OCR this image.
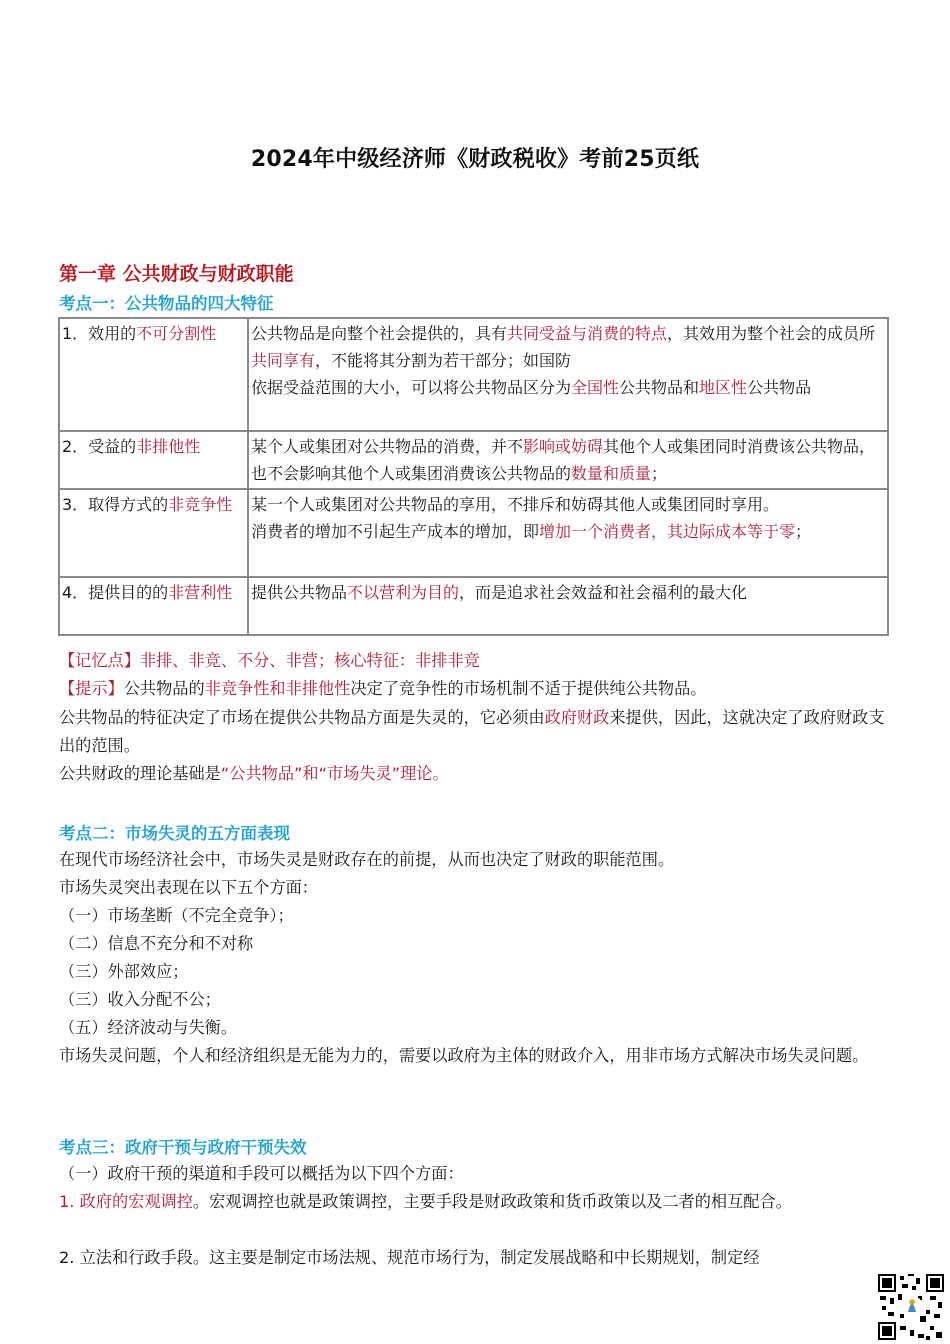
2024年中级经济师《财政税收》考前25页纸
第一章 公共财政与财政职能
考点一：公共物品的四大特征
1．效用的不可分割性	公共物品是向整个社会提供的，具有共同受益与消费的特点，其效用为整个社会的成员所共同享有，不能将其分割为若干部分；如国防
依据受益范围的大小，可以将公共物品区分为全国性公共物品和地区性公共物品

2．受益的非排他性	某个人或集团对公共物品的消费，并不影响或妨碍其他个人或集团同时消费该公共物品，也不会影响其他个人或集团消费该公共物品的数量和质量；
3．取得方式的非竞争性	某一个人或集团对公共物品的享用，不排斥和妨碍其他人或集团同时享用。
消费者的增加不引起生产成本的增加，即增加一个消费者，其边际成本等于零；

4．提供目的的非营利性	提供公共物品不以营利为目的，而是追求社会效益和社会福利的最大化
【记忆点】非排、非竞、不分、非营；核心特征：非排非竞
【提示】公共物品的非竞争性和非排他性决定了竞争性的市场机制不适于提供纯公共物品。
公共物品的特征决定了市场在提供公共物品方面是失灵的，它必须由政府财政来提供，因此，这就决定了政府财政支出的范围。
公共财政的理论基础是“公共物品”和“市场失灵”理论。
考点二：市场失灵的五方面表现
在现代市场经济社会中，市场失灵是财政存在的前提，从而也决定了财政的职能范围。
市场失灵突出表现在以下五个方面：
（一）市场垄断（不完全竞争）；
（二）信息不充分和不对称
（三）外部效应；
（三）收入分配不公；
（五）经济波动与失衡。
市场失灵问题，个人和经济组织是无能为力的，需要以政府为主体的财政介入，用非市场方式解决市场失灵问题。
考点三：政府干预与政府干预失效
（一）政府干预的渠道和手段可以概括为以下四个方面：
1. 政府的宏观调控。宏观调控也就是政策调控，主要手段是财政政策和货币政策以及二者的相互配合。
2. 立法和行政手段。这主要是制定市场法规、规范市场行为，制定发展战略和中长期规划，制定经
